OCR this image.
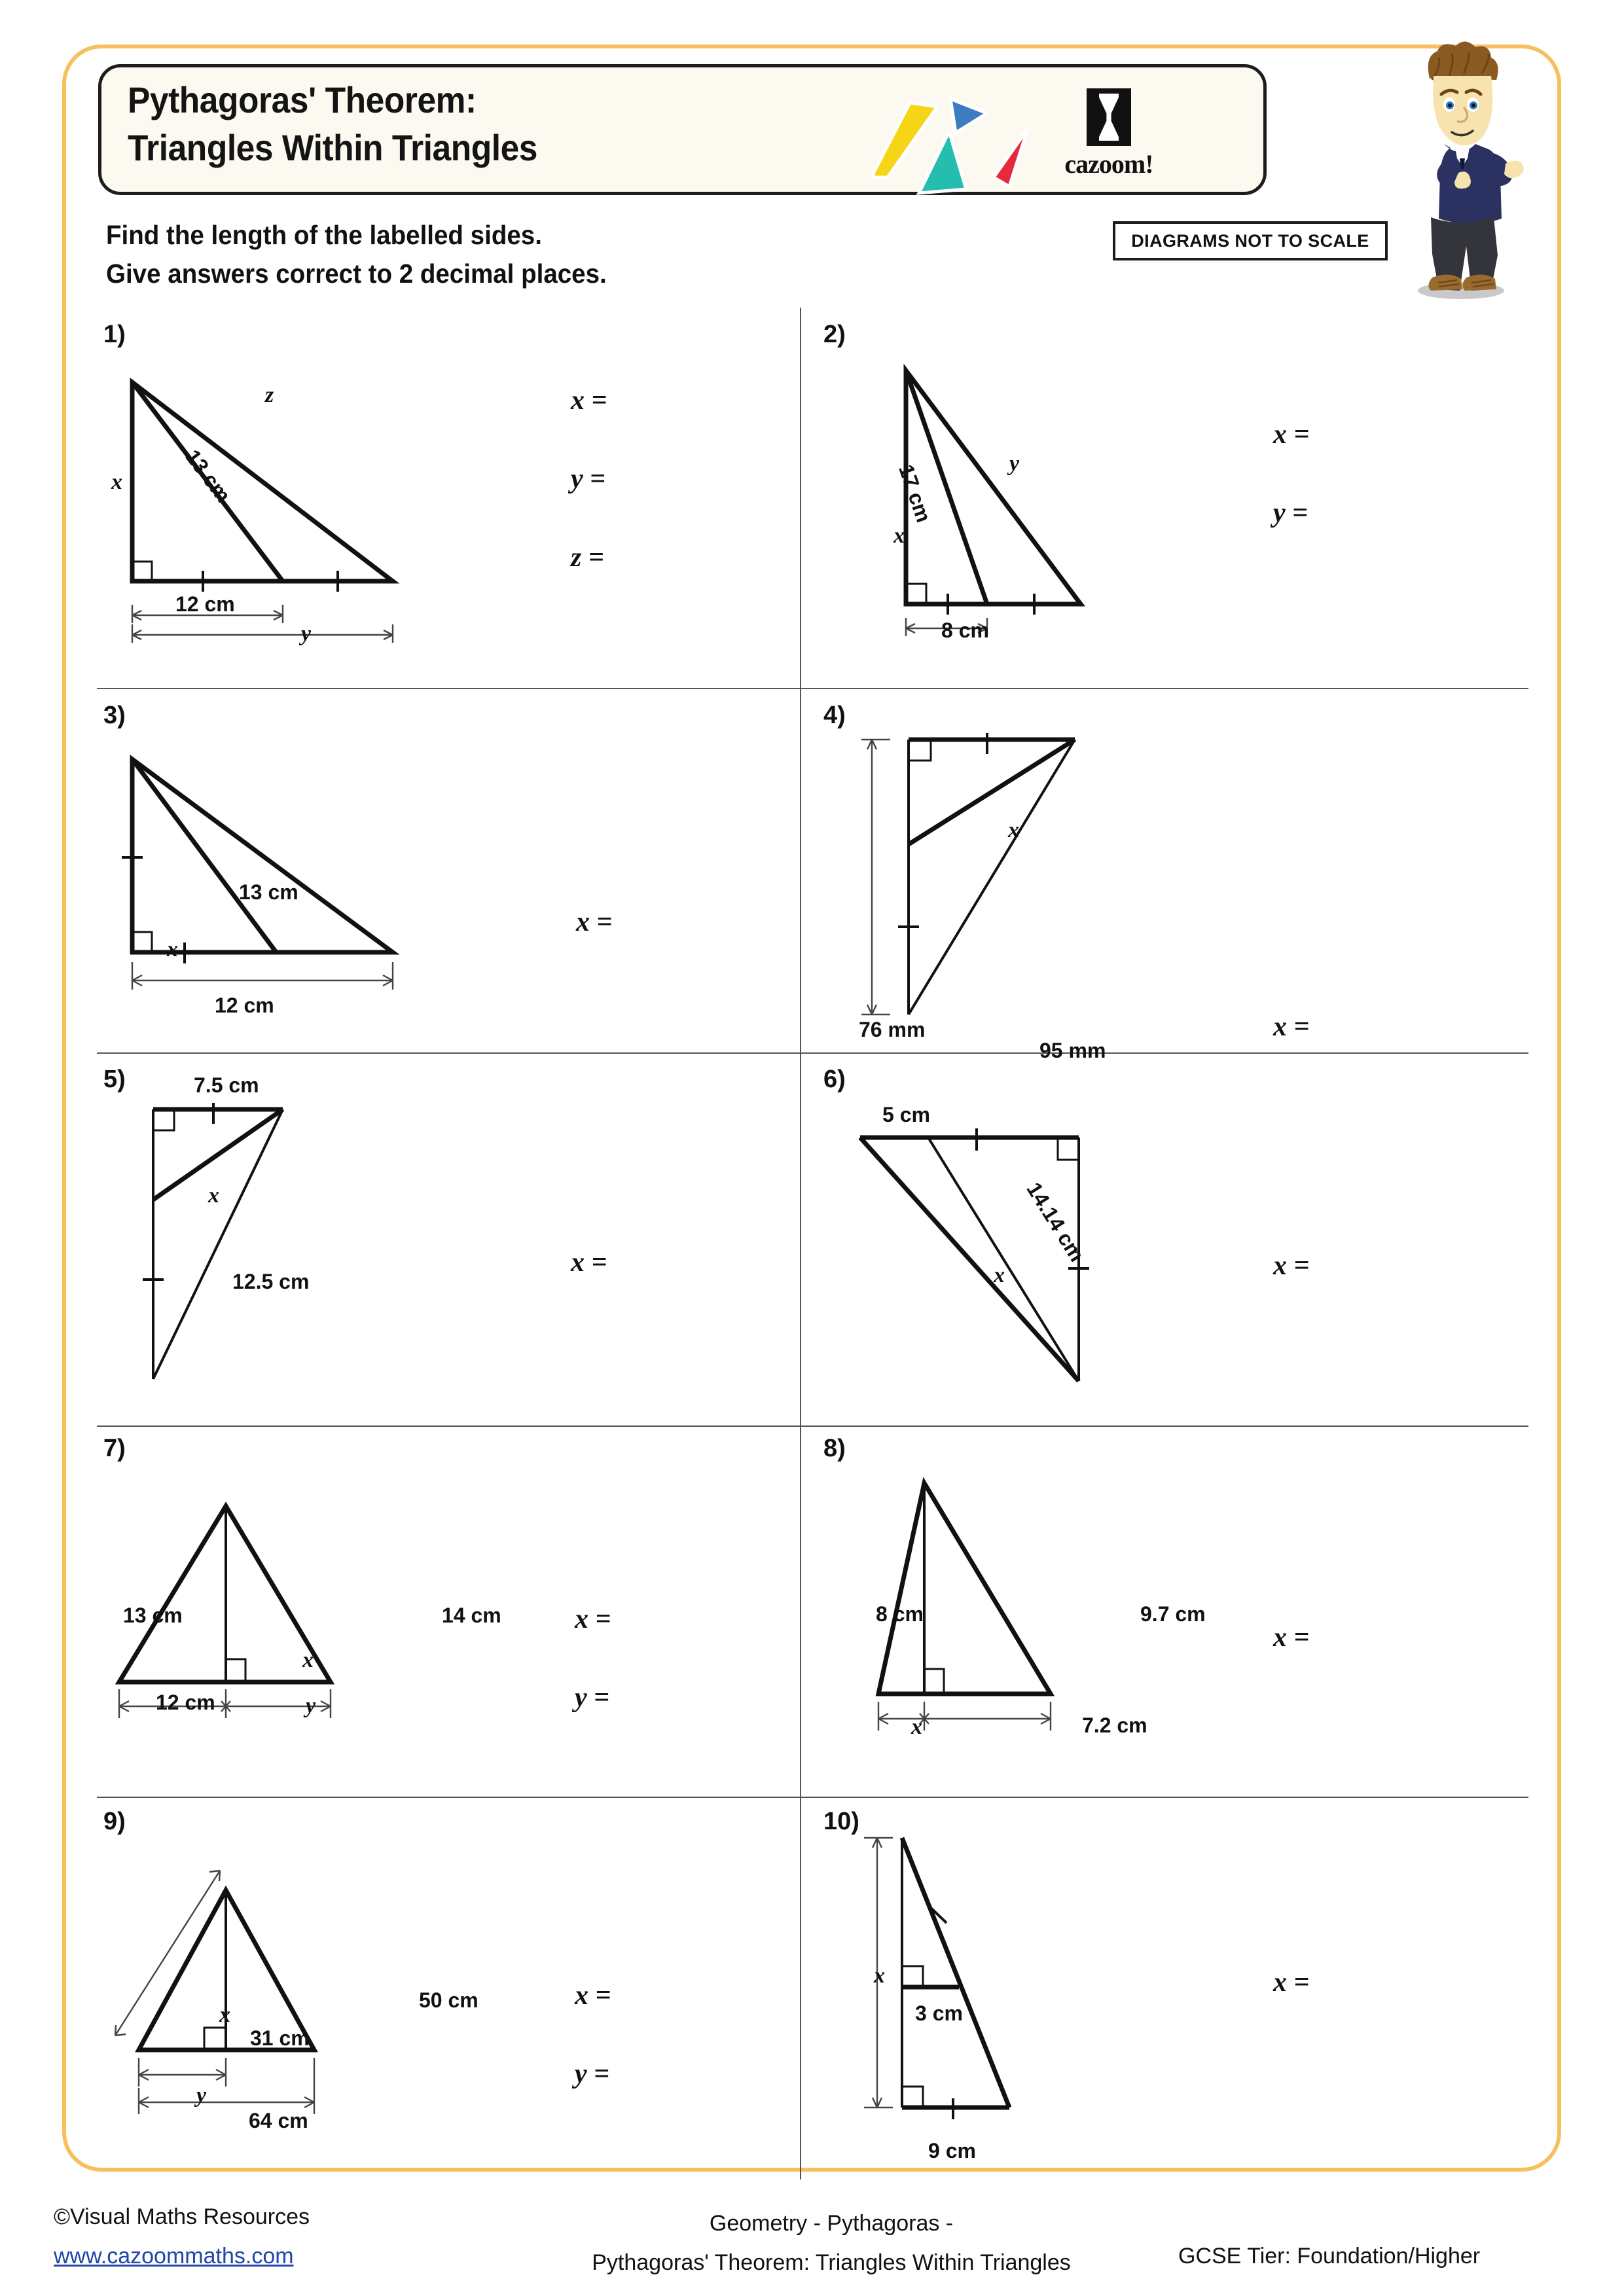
Pythagoras' Theorem:
Triangles Within Triangles	cazoom!
Find the length of the labelled sides.
Give answers correct to 2 decimal places.
DIAGRAMS NOT TO SCALE
1)
z
13 cm
x
12 cm
y
x =
y =
z =
2)
y
17 cm
x
8 cm
x =
y =
3)
13 cm
x
12 cm
x =
4)
x
76 mm
95 mm
x =
5)	7.5 cm
x
12.5 cm
x =
6)
5 cm
14.14 cm
x	x =
7)
13 cm	14 cm
x
12 cm	y
x =
y =
8)
8 cm	9.7 cm
x	7.2 cm
x =
9)
x
50 cm
31 cm
y
64 cm
x =
y =
10)
x
3 cm
9 cm
x =
©Visual Maths Resources
www.cazoommaths.com
Geometry - Pythagoras -
Pythagoras' Theorem: Triangles Within Triangles	GCSE Tier: Foundation/Higher
